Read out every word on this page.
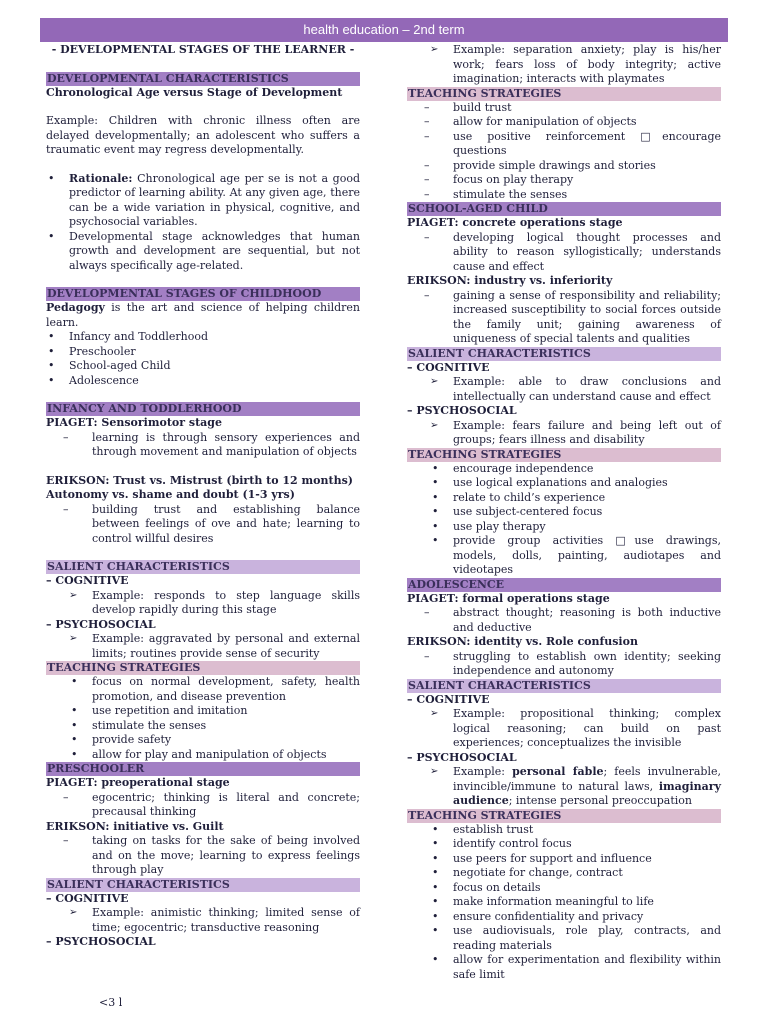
health education – 2nd term
- DEVELOPMENTAL STAGES OF THE LEARNER -
DEVELOPMENTAL CHARACTERISTICS

Chronological Age versus Stage of Development

Example: Children with chronic illness often are delayed developmentally; an adolescent who suffers a traumatic event may regress developmentally.

• Rationale: Chronological age per se is not a good predictor of learning ability. At any given age, there can be a wide variation in physical, cognitive, and psychosocial variables.
• Developmental stage acknowledges that human growth and development are sequential, but not always specifically age-related.
DEVELOPMENTAL STAGES OF CHILDHOOD

Pedagogy is the art and science of helping children learn.

• Infancy and Toddlerhood
• Preschooler
• School-aged Child
• Adolescence
INFANCY AND TODDLERHOOD

PIAGET: Sensorimotor stage

– learning is through sensory experiences and through movement and manipulation of objects

ERIKSON: Trust vs. Mistrust (birth to 12 months)

Autonomy vs. shame and doubt (1-3 yrs)

– building trust and establishing balance between feelings of ove and hate; learning to control willful desires
SALIENT CHARACTERISTICS

– COGNITIVE

➢ Example: responds to step language skills develop rapidly during this stage

– PSYCHOSOCIAL

➢ Example: aggravated by personal and external limits; routines provide sense of security
TEACHING STRATEGIES
• focus on normal development, safety, health promotion, and disease prevention
• use repetition and imitation
• stimulate the senses
• provide safety
• allow for play and manipulation of objects
PRESCHOOLER

PIAGET: preoperational stage

– egocentric; thinking is literal and concrete; precausal thinking

ERIKSON: initiative vs. Guilt

– taking on tasks for the sake of being involved and on the move; learning to express feelings through play
SALIENT CHARACTERISTICS

– COGNITIVE

➢ Example: animistic thinking; limited sense of time; egocentric; transductive reasoning

– PSYCHOSOCIAL

➢ Example: separation anxiety; play is his/her work; fears loss of body integrity; active imagination; interacts with playmates
TEACHING STRATEGIES
– build trust
– allow for manipulation of objects
– use positive reinforcement □encourage questions
– provide simple drawings and stories
– focus on play therapy
– stimulate the senses
SCHOOL-AGED CHILD

PIAGET: concrete operations stage

– developing logical thought processes and ability to reason syllogistically; understands cause and effect

ERIKSON: industry vs. inferiority

– gaining a sense of responsibility and reliability; increased susceptibility to social forces outside the family unit; gaining awareness of uniqueness of special talents and qualities
SALIENT CHARACTERISTICS

– COGNITIVE

➢ Example: able to draw conclusions and intellectually can understand cause and effect

– PSYCHOSOCIAL

➢ Example: fears failure and being left out of groups; fears illness and disability
TEACHING STRATEGIES
• encourage independence
• use logical explanations and analogies
• relate to child’s experience
• use subject-centered focus
• use play therapy
• provide group activities □use drawings, models, dolls, painting, audiotapes and videotapes
ADOLESCENCE

PIAGET: formal operations stage

– abstract thought; reasoning is both inductive and deductive

ERIKSON: identity vs. Role confusion

– struggling to establish own identity; seeking independence and autonomy
SALIENT CHARACTERISTICS

– COGNITIVE

➢ Example: propositional thinking; complex logical reasoning; can build on past experiences; conceptualizes the invisible

– PSYCHOSOCIAL

➢ Example: personal fable; feels invulnerable, invincible/immune to natural laws, imaginary audience; intense personal preoccupation
TEACHING STRATEGIES
• establish trust
• identify control focus
• use peers for support and influence
• negotiate for change, contract
• focus on details
• make information meaningful to life
• ensure confidentiality and privacy
• use audiovisuals, role play, contracts, and reading materials
• allow for experimentation and flexibility within safe limit
<3 l
